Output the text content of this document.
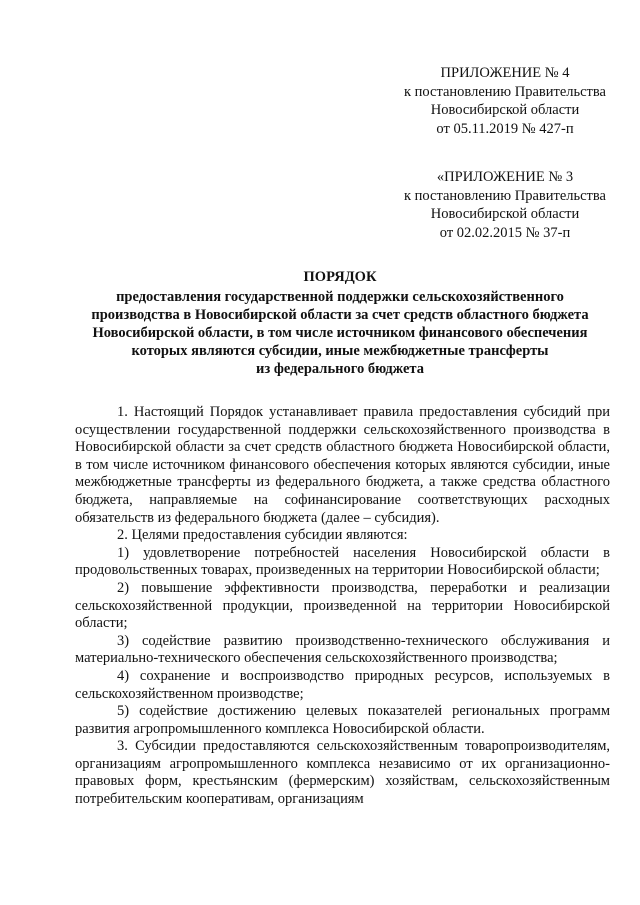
ПРИЛОЖЕНИЕ № 4
к постановлению Правительства
Новосибирской области
от 05.11.2019 № 427-п
«ПРИЛОЖЕНИЕ № 3
к постановлению Правительства
Новосибирской области
от 02.02.2015 № 37-п
ПОРЯДОК
предоставления государственной поддержки сельскохозяйственного
производства в Новосибирской области за счет средств областного бюджета
Новосибирской области, в том числе источником финансового обеспечения
которых являются субсидии, иные межбюджетные трансферты
из федерального бюджета

1. Настоящий Порядок устанавливает правила предоставления субсидий при осуществлении государственной поддержки сельскохозяйственного производства в Новосибирской области за счет средств областного бюджета Новосибирской области, в том числе источником финансового обеспечения которых являются субсидии, иные межбюджетные трансферты из федерального бюджета, а также средства областного бюджета, направляемые на софинансирование соответствующих расходных обязательств из федерального бюджета (далее – субсидия).

2. Целями предоставления субсидии являются:

1) удовлетворение потребностей населения Новосибирской области в продовольственных товарах, произведенных на территории Новосибирской области;

2) повышение эффективности производства, переработки и реализации сельскохозяйственной продукции, произведенной на территории Новосибирской области;

3) содействие развитию производственно-технического обслуживания и материально-технического обеспечения сельскохозяйственного производства;

4) сохранение и воспроизводство природных ресурсов, используемых в сельскохозяйственном производстве;

5) содействие достижению целевых показателей региональных программ развития агропромышленного комплекса Новосибирской области.

3. Субсидии предоставляются сельскохозяйственным товаропроизводителям, организациям агропромышленного комплекса независимо от их организационно-правовых форм, крестьянским (фермерским) хозяйствам, сельскохозяйственным потребительским кооперативам, организациям
